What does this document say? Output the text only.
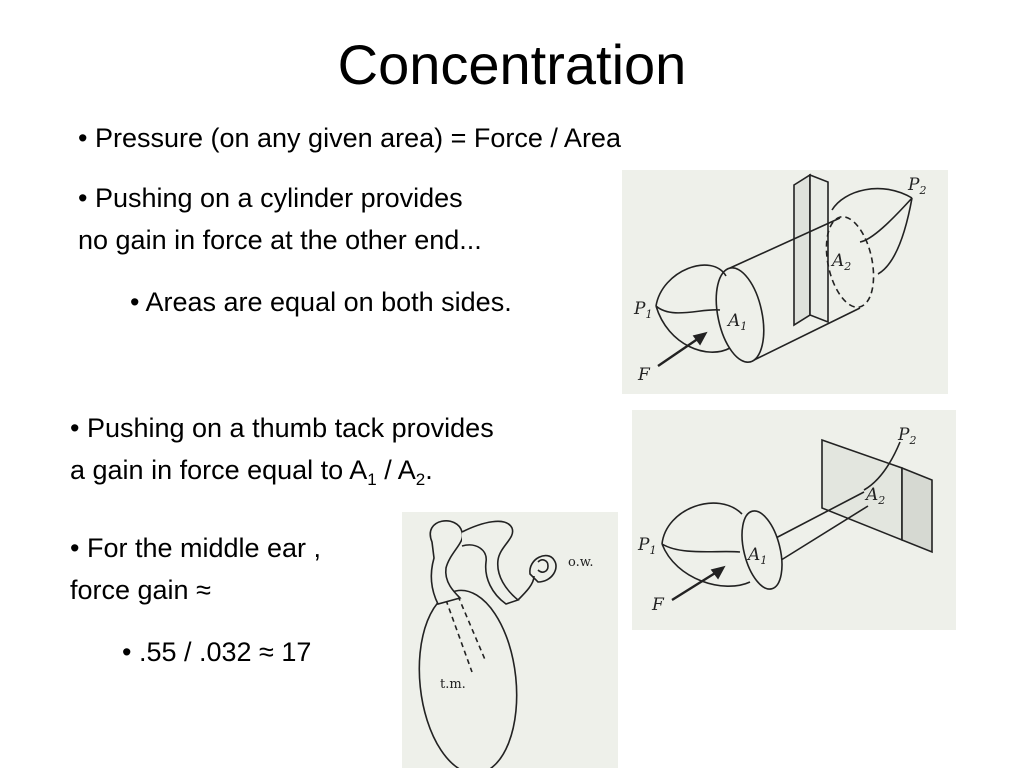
Concentration
• Pressure (on any given area) = Force / Area
• Pushing on a cylinder provides
no gain in force at the other end...
• Areas are equal on both sides.
• Pushing on a thumb tack provides
a gain in force equal to $A_1 / A_2$.
• For the middle ear ,
force gain ≈
• .55 / .032 ≈ 17
$P_1$
$P_2$
$A_1$
$A_2$
F
$P_1$
$P_2$
$A_1$
$A_2$
F
o.w.
t.m.
